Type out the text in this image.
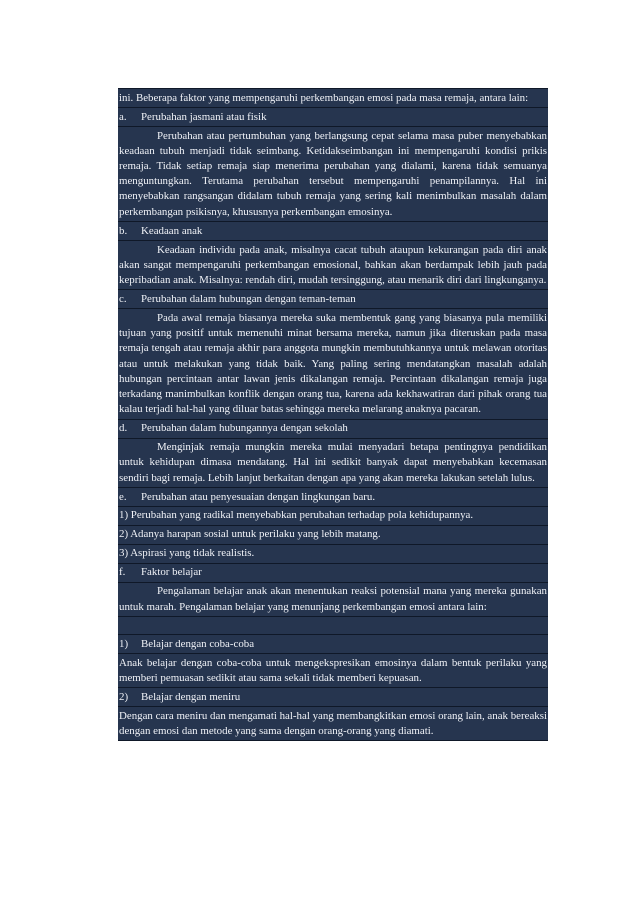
ini. Beberapa faktor yang mempengaruhi perkembangan emosi pada masa remaja, antara lain:
a. Perubahan jasmani atau fisik
Perubahan atau pertumbuhan yang berlangsung cepat selama masa puber menyebabkan keadaan tubuh menjadi tidak seimbang. Ketidakseimbangan ini mempengaruhi kondisi prikis remaja. Tidak setiap remaja siap menerima perubahan yang dialami, karena tidak semuanya menguntungkan. Terutama perubahan tersebut mempengaruhi penampilannya. Hal ini menyebabkan rangsangan didalam tubuh remaja yang sering kali menimbulkan masalah dalam perkembangan psikisnya, khususnya perkembangan emosinya.
b. Keadaan anak
Keadaan individu pada anak, misalnya cacat tubuh ataupun kekurangan pada diri anak akan sangat mempengaruhi perkembangan emosional, bahkan akan berdampak lebih jauh pada kepribadian anak. Misalnya: rendah diri, mudah tersinggung, atau menarik diri dari lingkunganya.
c. Perubahan dalam hubungan dengan teman-teman
Pada awal remaja biasanya mereka suka membentuk gang yang biasanya pula memiliki tujuan yang positif untuk memenuhi minat bersama mereka, namun jika diteruskan pada masa remaja tengah atau remaja akhir para anggota mungkin membutuhkannya untuk melawan otoritas atau untuk melakukan yang tidak baik. Yang paling sering mendatangkan masalah adalah hubungan percintaan antar lawan jenis dikalangan remaja. Percintaan dikalangan remaja juga terkadang manimbulkan konflik dengan orang tua, karena ada kekhawatiran dari pihak orang tua kalau terjadi hal-hal yang diluar batas sehingga mereka melarang anaknya pacaran.
d. Perubahan dalam hubungannya dengan sekolah
Menginjak remaja mungkin mereka mulai menyadari betapa pentingnya pendidikan untuk kehidupan dimasa mendatang. Hal ini sedikit banyak dapat menyebabkan kecemasan sendiri bagi remaja. Lebih lanjut berkaitan dengan apa yang akan mereka lakukan setelah lulus.
e. Perubahan atau penyesuaian dengan lingkungan baru.
1) Perubahan yang radikal menyebabkan perubahan terhadap pola kehidupannya.
2) Adanya harapan sosial untuk perilaku yang lebih matang.
3) Aspirasi yang tidak realistis.
f. Faktor belajar
Pengalaman belajar anak akan menentukan reaksi potensial mana yang mereka gunakan untuk marah. Pengalaman belajar yang menunjang perkembangan emosi antara lain:
1) Belajar dengan coba-coba
Anak belajar dengan coba-coba untuk mengekspresikan emosinya dalam bentuk perilaku yang memberi pemuasan sedikit atau sama sekali tidak memberi kepuasan.
2) Belajar dengan meniru
Dengan cara meniru dan mengamati hal-hal yang membangkitkan emosi orang lain, anak bereaksi dengan emosi dan metode yang sama dengan orang-orang yang diamati.
